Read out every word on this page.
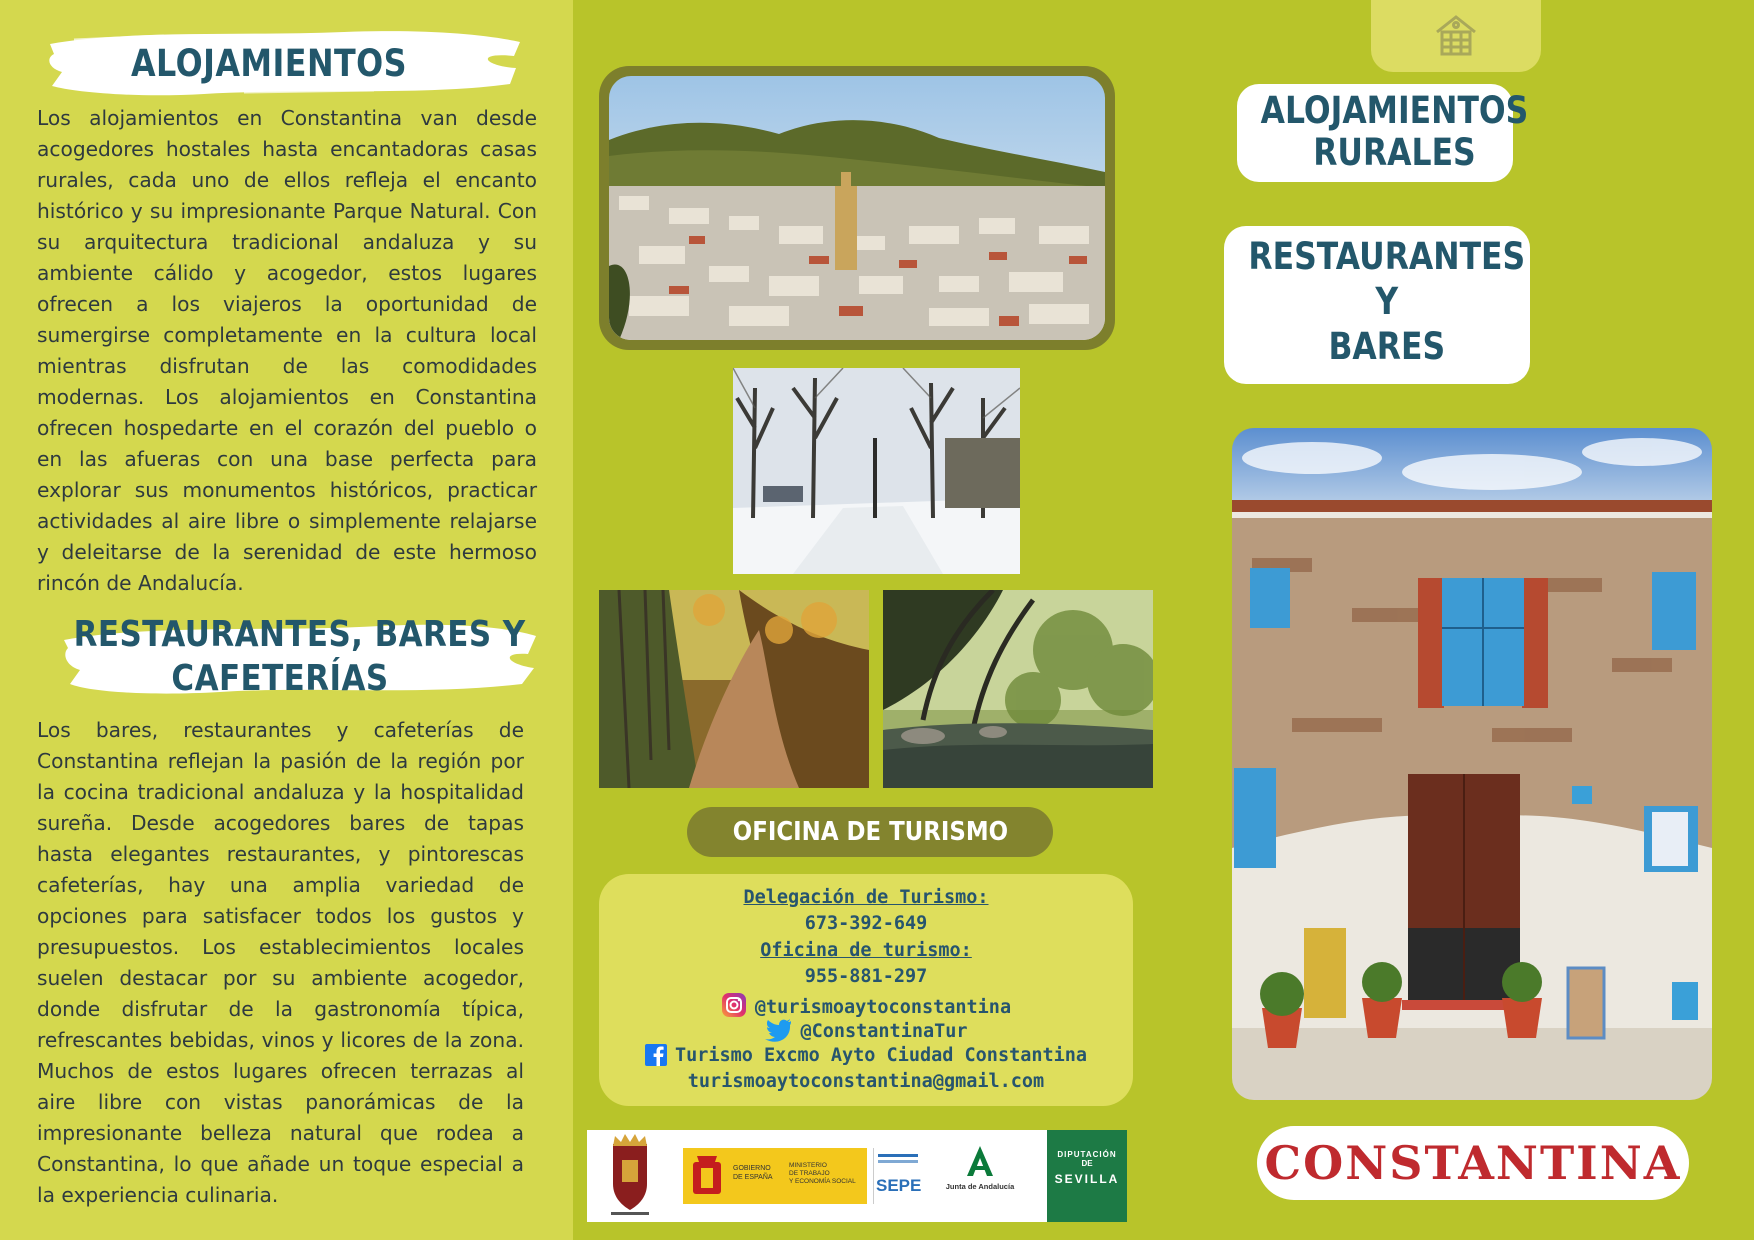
ALOJAMIENTOS
Los alojamientos en Constantina van desde acogedores hostales hasta encantadoras casas rurales, cada uno de ellos refleja el encanto histórico y su impresionante Parque Natural. Con su arquitectura tradicional andaluza y su ambiente cálido y acogedor, estos lugares ofrecen a los viajeros la oportunidad de sumergirse completamente en la cultura local mientras disfrutan de las comodidades modernas. Los alojamientos en Constantina ofrecen hospedarte en el corazón del pueblo o en las afueras con una base perfecta para explorar sus monumentos históricos, practicar actividades al aire libre o simplemente relajarse y deleitarse de la serenidad de este hermoso rincón de Andalucía.
RESTAURANTES, BARES Y
CAFETERÍAS
Los bares, restaurantes y cafeterías de Constantina reflejan la pasión de la región por la cocina tradicional andaluza y la hospitalidad sureña. Desde acogedores bares de tapas hasta elegantes restaurantes, y pintorescas cafeterías, hay una amplia variedad de opciones para satisfacer todos los gustos y presupuestos. Los establecimientos locales suelen destacar por su ambiente acogedor, donde disfrutar de la gastronomía típica, refrescantes bebidas, vinos y licores de la zona. Muchos de estos lugares ofrecen terrazas al aire libre con vistas panorámicas de la impresionante belleza natural que rodea a Constantina, lo que añade un toque especial a la experiencia culinaria.
OFICINA DE TURISMO
Delegación de Turismo:
673-392-649
Oficina de turismo:
955-881-297
@turismoaytoconstantina
@ConstantinaTur
Turismo Excmo Ayto Ciudad Constantina
turismoaytoconstantina@gmail.com
GOBIERNO
DE ESPAÑA
MINISTERIO
DE TRABAJO
Y ECONOMÍA SOCIAL SEPE	Junta de Andalucía
DIPUTACIÓN
DE
SEVILLA
ALOJAMIENTOS
RURALES
RESTAURANTES
Y
BARES
CONSTANTINA
